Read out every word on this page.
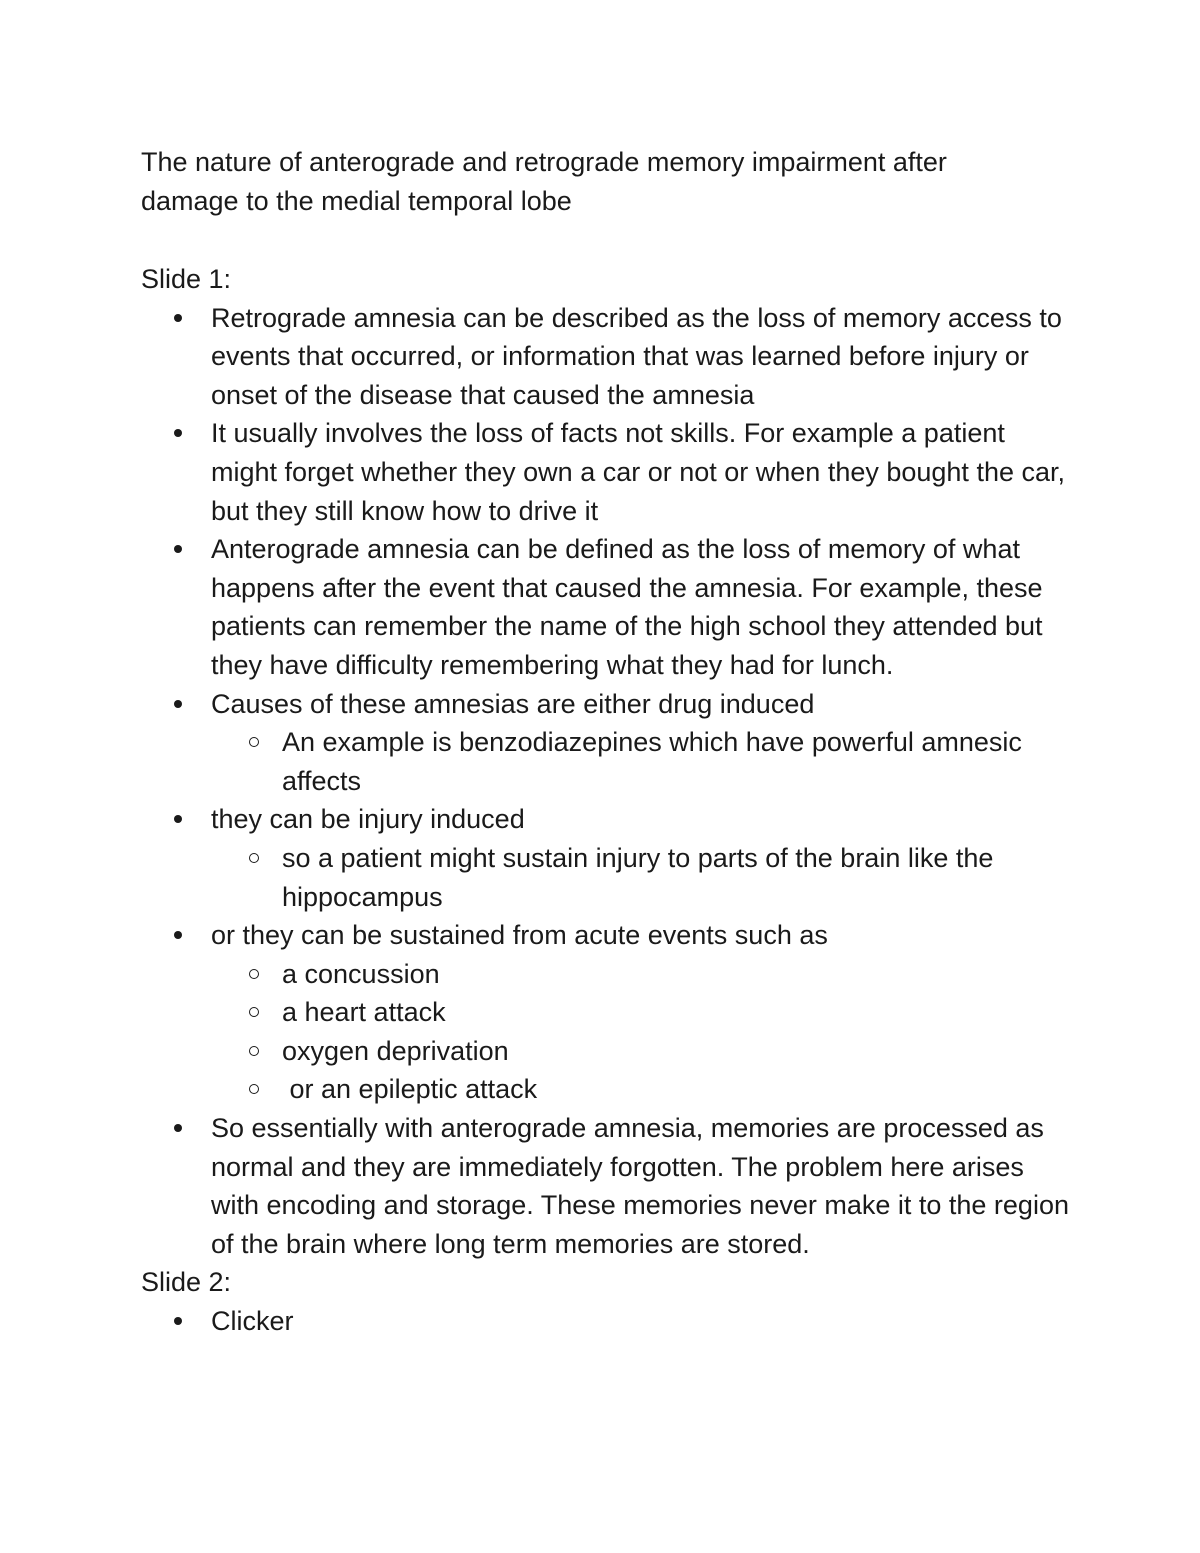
The nature of anterograde and retrograde memory impairment after damage to the medial temporal lobe
Slide 1:
Retrograde amnesia can be described as the loss of memory access to events that occurred, or information that was learned before injury or onset of the disease that caused the amnesia
It usually involves the loss of facts not skills. For example a patient might forget whether they own a car or not or when they bought the car, but they still know how to drive it
Anterograde amnesia can be defined as the loss of memory of what happens after the event that caused the amnesia. For example, these patients can remember the name of the high school they attended but they have difficulty remembering what they had for lunch.
Causes of these amnesias are either drug induced
An example is benzodiazepines which have powerful amnesic affects
they can be injury induced
so a patient might sustain injury to parts of the brain like the hippocampus
or they can be sustained from acute events such as
a concussion
a heart attack
oxygen deprivation
or an epileptic attack
So essentially with anterograde amnesia, memories are processed as normal and they are immediately forgotten. The problem here arises with encoding and storage. These memories never make it to the region of the brain where long term memories are stored.
Slide 2:
Clicker
